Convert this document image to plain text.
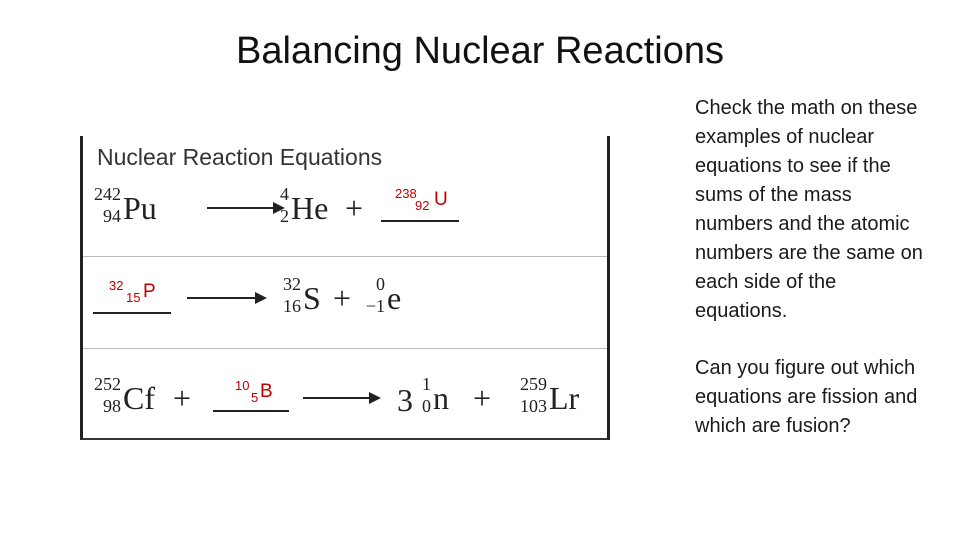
Balancing Nuclear Reactions
Check the math on these examples of nuclear equations to see if the sums of the mass numbers and the atomic numbers are the same on each side of the equations.
Can you figure out which equations are fission and which are fusion?
Nuclear Reaction Equations
242
94 Pu	4
2 He + 238
92 U
32
15 P	32
16 S +	0
−1 e
252
98 Cf +	10
5 B	3 1
0 n +	259
103 Lr
